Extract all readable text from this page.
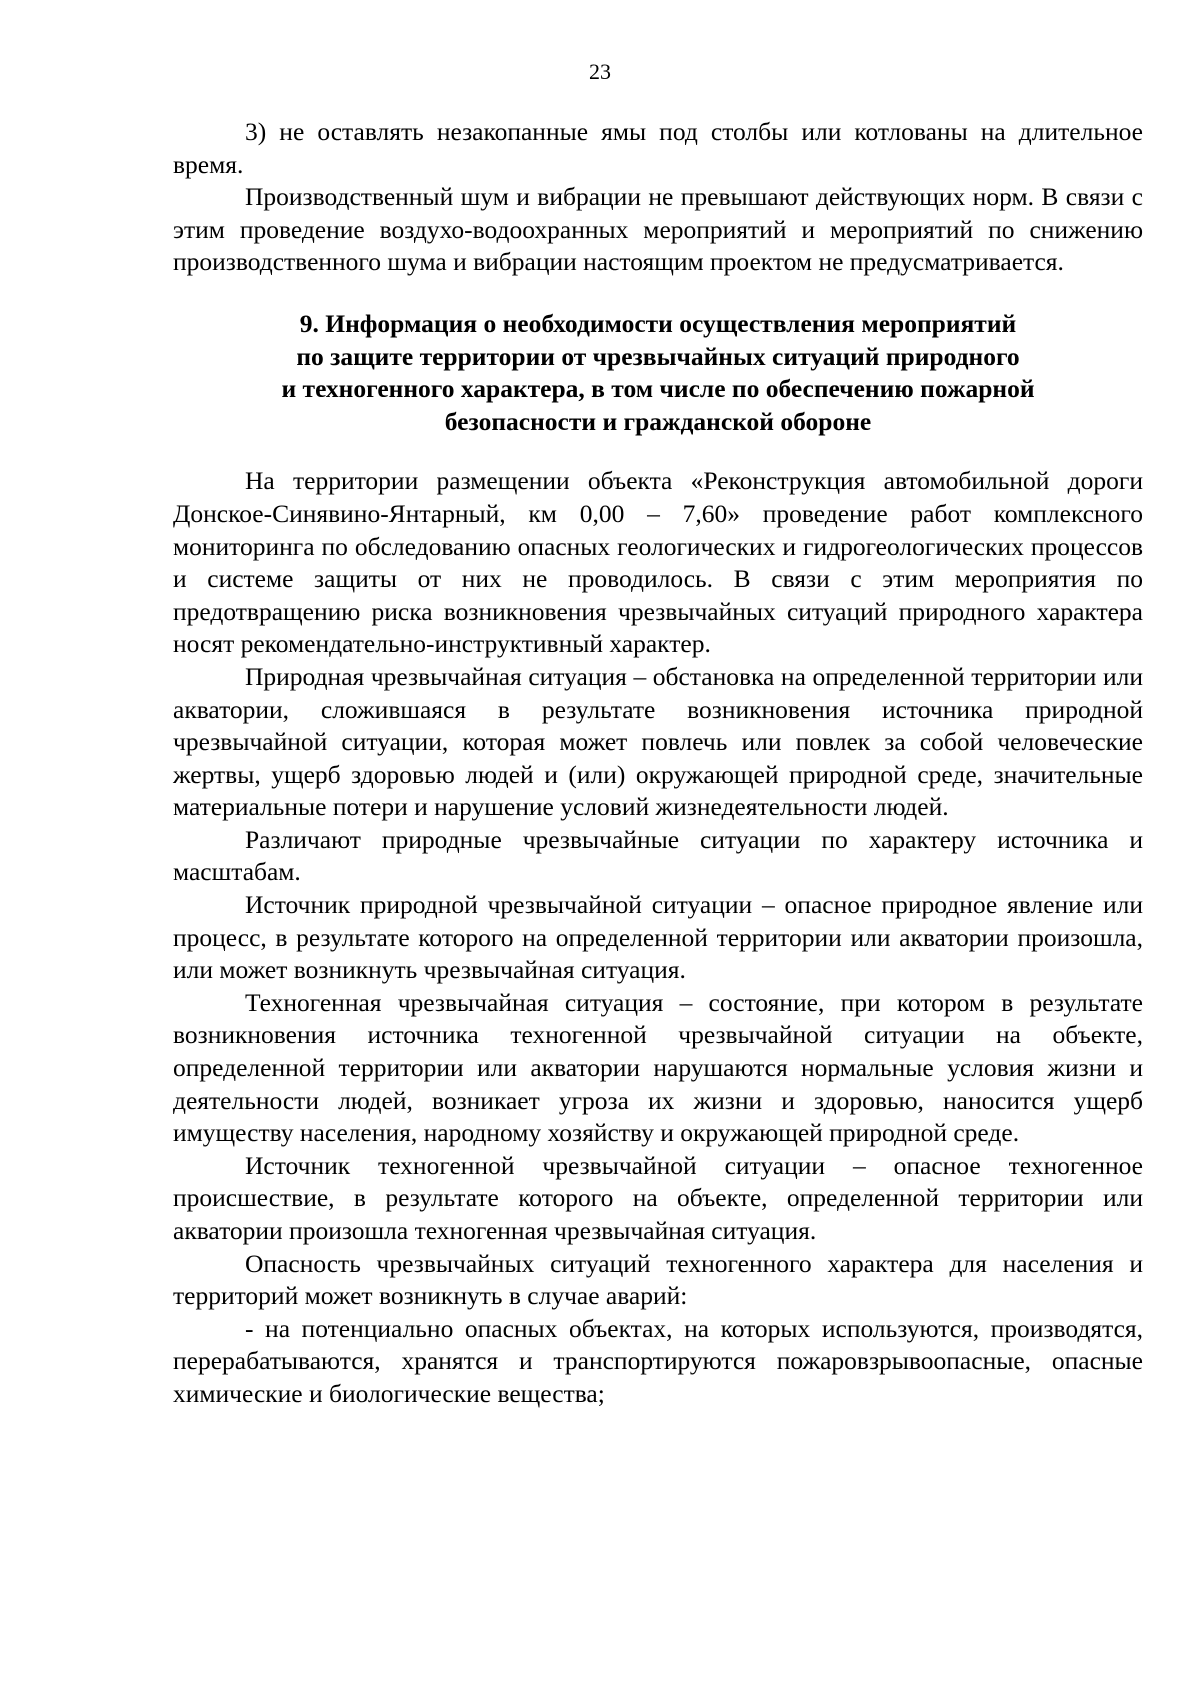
23

3) не оставлять незакопанные ямы под столбы или котлованы на длительное время.

Производственный шум и вибрации не превышают действующих норм. В связи с этим проведение воздухо-водоохранных мероприятий и мероприятий по снижению производственного шума и вибрации настоящим проектом не предусматривается.

9. Информация о необходимости осуществления мероприятий
по защите территории от чрезвычайных ситуаций природного
и техногенного характера, в том числе по обеспечению пожарной
безопасности и гражданской обороне

На территории размещении объекта «Реконструкция автомобильной дороги Донское-Синявино-Янтарный, км 0,00 – 7,60» проведение работ комплексного мониторинга по обследованию опасных геологических и гидрогеологических процессов и системе защиты от них не проводилось. В связи с этим мероприятия по предотвращению риска возникновения чрезвычайных ситуаций природного характера носят рекомендательно-инструктивный характер.

Природная чрезвычайная ситуация – обстановка на определенной территории или акватории, сложившаяся в результате возникновения источника природной чрезвычайной ситуации, которая может повлечь или повлек за собой человеческие жертвы, ущерб здоровью людей и (или) окружающей природной среде, значительные материальные потери и нарушение условий жизнедеятельности людей.

Различают природные чрезвычайные ситуации по характеру источника и масштабам.

Источник природной чрезвычайной ситуации – опасное природное явление или процесс, в результате которого на определенной территории или акватории произошла, или может возникнуть чрезвычайная ситуация.

Техногенная чрезвычайная ситуация – состояние, при котором в результате возникновения источника техногенной чрезвычайной ситуации на объекте, определенной территории или акватории нарушаются нормальные условия жизни и деятельности людей, возникает угроза их жизни и здоровью, наносится ущерб имуществу населения, народному хозяйству и окружающей природной среде.

Источник техногенной чрезвычайной ситуации – опасное техногенное происшествие, в результате которого на объекте, определенной территории или акватории произошла техногенная чрезвычайная ситуация.

Опасность чрезвычайных ситуаций техногенного характера для населения и территорий может возникнуть в случае аварий:

- на потенциально опасных объектах, на которых используются, производятся, перерабатываются, хранятся и транспортируются пожаровзрывоопасные, опасные химические и биологические вещества;
